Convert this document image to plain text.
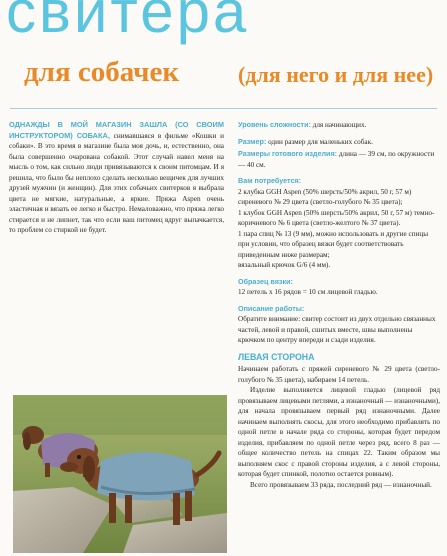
свитера
для собачек	(для него и для нее)

ОДНАЖДЫ В МОЙ МАГАЗИН ЗАШЛА (СО СВОИМ ИНСТРУКТОРОМ) СОБАКА, снимавшаяся в фильме «Кошки и собаки». В это время в магазине была моя дочь, и, естественно, она была совершенно очарована собакой. Этот случай навел меня на мысль о том, как сильно люди привязываются к своим питомцам. И я решила, что было бы неплохо сделать несколько вещичек для лучших друзей мужчин (и женщин). Для этих собачьих свитерков я выбрала цвета не мягкие, натуральные, а яркие. Пряжа Aspen очень эластичная и вязать ее легко и быстро. Немаловажно, что пряжа легко стирается и не липнет, так что если ваш питомец вдруг выпачкается, то проблем со стиркой не будет.

Уровень сложности: для начинающих.
Размер: один размер для маленьких собак.
Размеры готового изделия: длина — 39 см, по окружности — 40 см.
Вам потребуется:
2 клубка GGH Aspen (50% шерсть/50% акрил, 50 г, 57 м) сиреневого № 29 цвета (светло-голубого № 35 цвета);
1 клубок GGH Aspen (50% шерсть/50% акрил, 50 г, 57 м) темно-коричневого № 6 цвета (светло-желтого № 37 цвета).
1 пара спиц № 13 (9 мм), можно использовать и другие спицы при условии, что образец вязки будет соответствовать приведенным ниже размерам;
вязальный крючок G/6 (4 мм).
Образец вязки:
12 петель x 16 рядов = 10 см лицевой гладью.
Описание работы:
Обратите внимание: свитер состоит из двух отдельно связанных частей, левой и правой, сшитых вместе, швы выполнены крючком по центру впереди и сзади изделия.
ЛЕВАЯ СТОРОНА
Начинаем работать с пряжей сиреневого № 29 цвета (светло-голубого № 35 цвета), набираем 14 петель.
Изделие выполняется лицевой гладью (лицевой ряд провязываем лицевыми петлями, а изнаночный — изнаночными), для начала провязываем первый ряд изнаночными. Далее начинаем выполнять скосы, для этого необходимо прибавлять по одной петле в начале ряда со стороны, которая будет передом изделия, прибавляем по одной петле через ряд, всего 8 раз — общее количество петель на спицах 22. Таким образом мы выполняем скос с правой стороны изделия, а с левой стороны, которая будет спинкой, полотно остается ровным).
Всего провязываем 33 ряда, последний ряд — изнаночный.
